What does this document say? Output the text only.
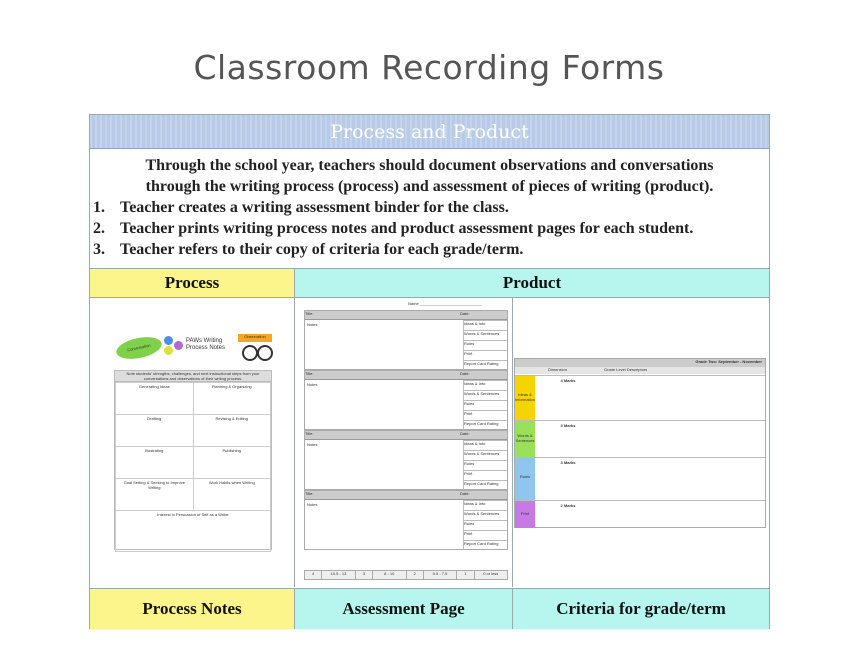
Classroom Recording Forms
Process and Product
Through the school year, teachers should document observations and conversations
through the writing process (process) and assessment of pieces of writing (product).
1. Teacher creates a writing assessment binder for the class.
2. Teacher prints writing process notes and product assessment pages for each student.
3. Teacher refers to their copy of criteria for each grade/term.
Process	Product
Conversation
PAWs Writing Process Notes
Observation
Note students' strengths, challenges, and next instructional steps from your conversations and observations of their writing process.
Generating Ideas	Planning & Organizing
Drafting	Revising & Editing
Illustrating	Publishing
Goal Setting & Seeking to Improve Writing	Work Habits when Writing
Interest in Persuasion of Self as a Writer	
Name ____________________________
Title:	Date:
Notes	Ideas & Info
Words & Sentences
Rules
Print
Report Card Rating
Title:	Date:
Notes	Ideas & Info
Words & Sentences
Rules
Print
Report Card Rating
Title:	Date:
Notes	Ideas & Info
Words & Sentences
Rules
Print
Report Card Rating
Title:	Date:
Notes	Ideas & Info
Words & Sentences
Rules
Print
Report Card Rating
4	10.5 - 13	3	8 - 10	2	5.5 - 7.5	1	0 or less
Grade Two: September - November
Dimension	Grade Level Descriptors
Ideas & Information
4 Marks
Words & Sentences
3 Marks
Rules
3 Marks
Print
2 Marks
Process Notes	Assessment Page	Criteria for grade/term
